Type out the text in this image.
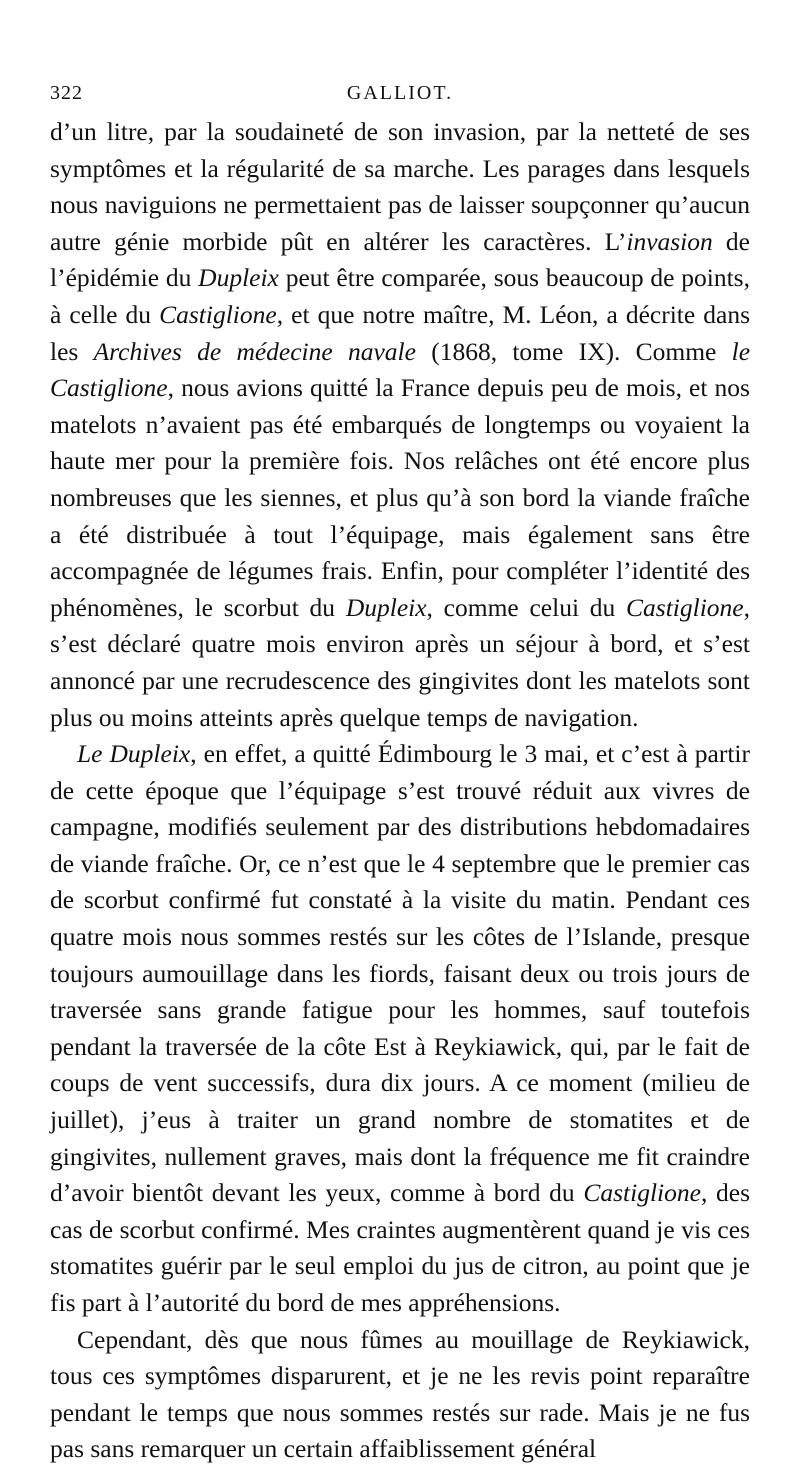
322	GALLIOT.

d’un litre, par la soudaineté de son invasion, par la netteté de ses symptômes et la régularité de sa marche. Les parages dans lesquels nous naviguions ne permettaient pas de laisser soupçonner qu’aucun autre génie morbide pût en altérer les caractères. L’invasion de l’épidémie du Dupleix peut être comparée, sous beaucoup de points, à celle du Castiglione, et que notre maître, M. Léon, a décrite dans les Archives de médecine navale (1868, tome IX). Comme le Castiglione, nous avions quitté la France depuis peu de mois, et nos matelots n’avaient pas été embarqués de longtemps ou voyaient la haute mer pour la première fois. Nos relâches ont été encore plus nombreuses que les siennes, et plus qu’à son bord la viande fraîche a été distribuée à tout l’équipage, mais également sans être accompagnée de légumes frais. Enfin, pour compléter l’identité des phénomènes, le scorbut du Dupleix, comme celui du Castiglione, s’est déclaré quatre mois environ après un séjour à bord, et s’est annoncé par une recrudescence des gingivites dont les matelots sont plus ou moins atteints après quelque temps de navigation.

Le Dupleix, en effet, a quitté Édimbourg le 3 mai, et c’est à partir de cette époque que l’équipage s’est trouvé réduit aux vivres de campagne, modifiés seulement par des distributions hebdomadaires de viande fraîche. Or, ce n’est que le 4 septembre que le premier cas de scorbut confirmé fut constaté à la visite du matin. Pendant ces quatre mois nous sommes restés sur les côtes de l’Islande, presque toujours aumouillage dans les fiords, faisant deux ou trois jours de traversée sans grande fatigue pour les hommes, sauf toutefois pendant la traversée de la côte Est à Reykiawick, qui, par le fait de coups de vent successifs, dura dix jours. A ce moment (milieu de juillet), j’eus à traiter un grand nombre de stomatites et de gingivites, nullement graves, mais dont la fréquence me fit craindre d’avoir bientôt devant les yeux, comme à bord du Castiglione, des cas de scorbut confirmé. Mes craintes augmentèrent quand je vis ces stomatites guérir par le seul emploi du jus de citron, au point que je fis part à l’autorité du bord de mes appréhensions.

Cependant, dès que nous fûmes au mouillage de Reykiawick, tous ces symptômes disparurent, et je ne les revis point reparaître pendant le temps que nous sommes restés sur rade. Mais je ne fus pas sans remarquer un certain affaiblissement général
